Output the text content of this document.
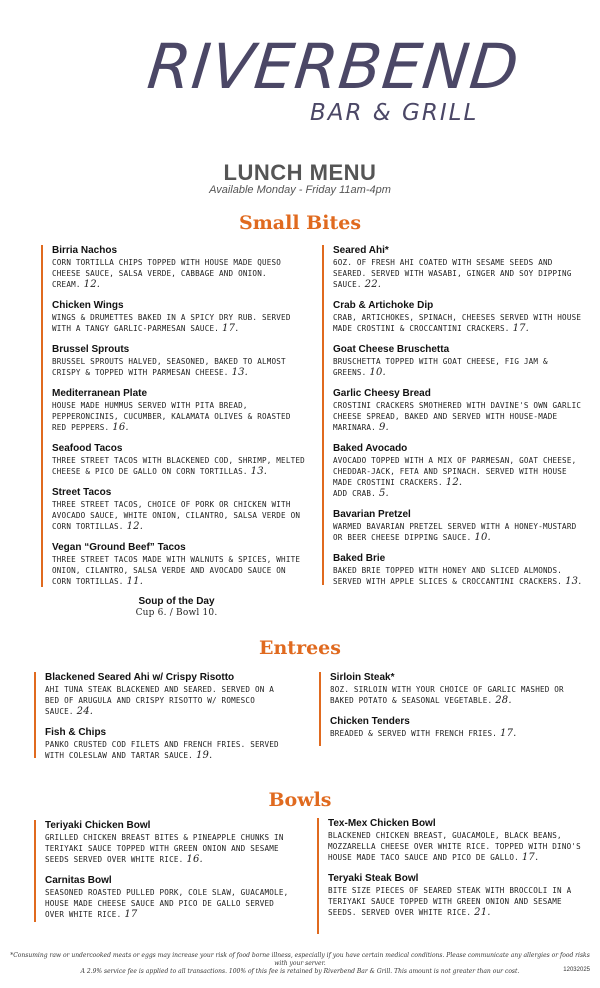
RIVERBEND
BAR & GRILL
LUNCH MENU
Available Monday - Friday 11am-4pm
Small Bites
Birria Nachos
CORN TORTILLA CHIPS TOPPED WITH HOUSE MADE QUESO CHEESE SAUCE, SALSA VERDE, CABBAGE AND ONION. CREAM. 12.
Chicken Wings
WINGS & DRUMETTES BAKED IN A SPICY DRY RUB. SERVED WITH A TANGY GARLIC-PARMESAN SAUCE. 17.
Brussel Sprouts
BRUSSEL SPROUTS HALVED, SEASONED, BAKED TO ALMOST CRISPY & TOPPED WITH PARMESAN CHEESE. 13.
Mediterranean Plate
HOUSE MADE HUMMUS SERVED WITH PITA BREAD, PEPPERONCINIS, CUCUMBER, KALAMATA OLIVES & ROASTED RED PEPPERS. 16.
Seafood Tacos
THREE STREET TACOS WITH BLACKENED COD, SHRIMP, MELTED CHEESE & PICO DE GALLO ON CORN TORTILLAS. 13.
Street Tacos
THREE STREET TACOS, CHOICE OF PORK OR CHICKEN WITH AVOCADO SAUCE, WHITE ONION, CILANTRO, SALSA VERDE ON CORN TORTILLAS. 12.
Vegan “Ground Beef” Tacos
THREE STREET TACOS MADE WITH WALNUTS & SPICES, WHITE ONION, CILANTRO, SALSA VERDE AND AVOCADO SAUCE ON CORN TORTILLAS. 11.
Seared Ahi*
6OZ. OF FRESH AHI COATED WITH SESAME SEEDS AND SEARED. SERVED WITH WASABI, GINGER AND SOY DIPPING SAUCE. 22.
Crab & Artichoke Dip
CRAB, ARTICHOKES, SPINACH, CHEESES SERVED WITH HOUSE MADE CROSTINI & CROCCANTINI CRACKERS. 17.
Goat Cheese Bruschetta
BRUSCHETTA TOPPED WITH GOAT CHEESE, FIG JAM & GREENS. 10.
Garlic Cheesy Bread
CROSTINI CRACKERS SMOTHERED WITH DAVINE'S OWN GARLIC CHEESE SPREAD, BAKED AND SERVED WITH HOUSE-MADE MARINARA. 9.
Baked Avocado
AVOCADO TOPPED WITH A MIX OF PARMESAN, GOAT CHEESE, CHEDDAR-JACK, FETA AND SPINACH. SERVED WITH HOUSE MADE CROSTINI CRACKERS. 12.
ADD CRAB. 5.
Bavarian Pretzel
WARMED BAVARIAN PRETZEL SERVED WITH A HONEY-MUSTARD OR BEER CHEESE DIPPING SAUCE. 10.
Baked Brie
BAKED BRIE TOPPED WITH HONEY AND SLICED ALMONDS. SERVED WITH APPLE SLICES & CROCCANTINI CRACKERS. 13.
Soup of the Day
Cup 6. / Bowl 10.
Entrees
Blackened Seared Ahi w/ Crispy Risotto
AHI TUNA STEAK BLACKENED AND SEARED. SERVED ON A BED OF ARUGULA AND CRISPY RISOTTO W/ ROMESCO SAUCE. 24.
Fish & Chips
PANKO CRUSTED COD FILETS AND FRENCH FRIES. SERVED WITH COLESLAW AND TARTAR SAUCE. 19.
Sirloin Steak*
8OZ. SIRLOIN WITH YOUR CHOICE OF GARLIC MASHED OR BAKED POTATO & SEASONAL VEGETABLE. 28.
Chicken Tenders
BREADED & SERVED WITH FRENCH FRIES. 17.
Bowls
Teriyaki Chicken Bowl
GRILLED CHICKEN BREAST BITES & PINEAPPLE CHUNKS IN TERIYAKI SAUCE TOPPED WITH GREEN ONION AND SESAME SEEDS SERVED OVER WHITE RICE. 16.
Carnitas Bowl
SEASONED ROASTED PULLED PORK, COLE SLAW, GUACAMOLE, HOUSE MADE CHEESE SAUCE AND PICO DE GALLO SERVED OVER WHITE RICE. 17
Tex-Mex Chicken Bowl
BLACKENED CHICKEN BREAST, GUACAMOLE, BLACK BEANS, MOZZARELLA CHEESE OVER WHITE RICE. TOPPED WITH DINO'S HOUSE MADE TACO SAUCE AND PICO DE GALLO. 17.
Teryaki Steak Bowl
BITE SIZE PIECES OF SEARED STEAK WITH BROCCOLI IN A TERIYAKI SAUCE TOPPED WITH GREEN ONION AND SESAME SEEDS. SERVED OVER WHITE RICE. 21.
*Consuming raw or undercooked meats or eggs may increase your risk of food borne illness, especially if you have certain medical conditions. Please communicate any allergies or food risks with your server.
A 2.9% service fee is applied to all transactions. 100% of this fee is retained by Riverbend Bar & Grill. This amount is not greater than our cost.	12032025
